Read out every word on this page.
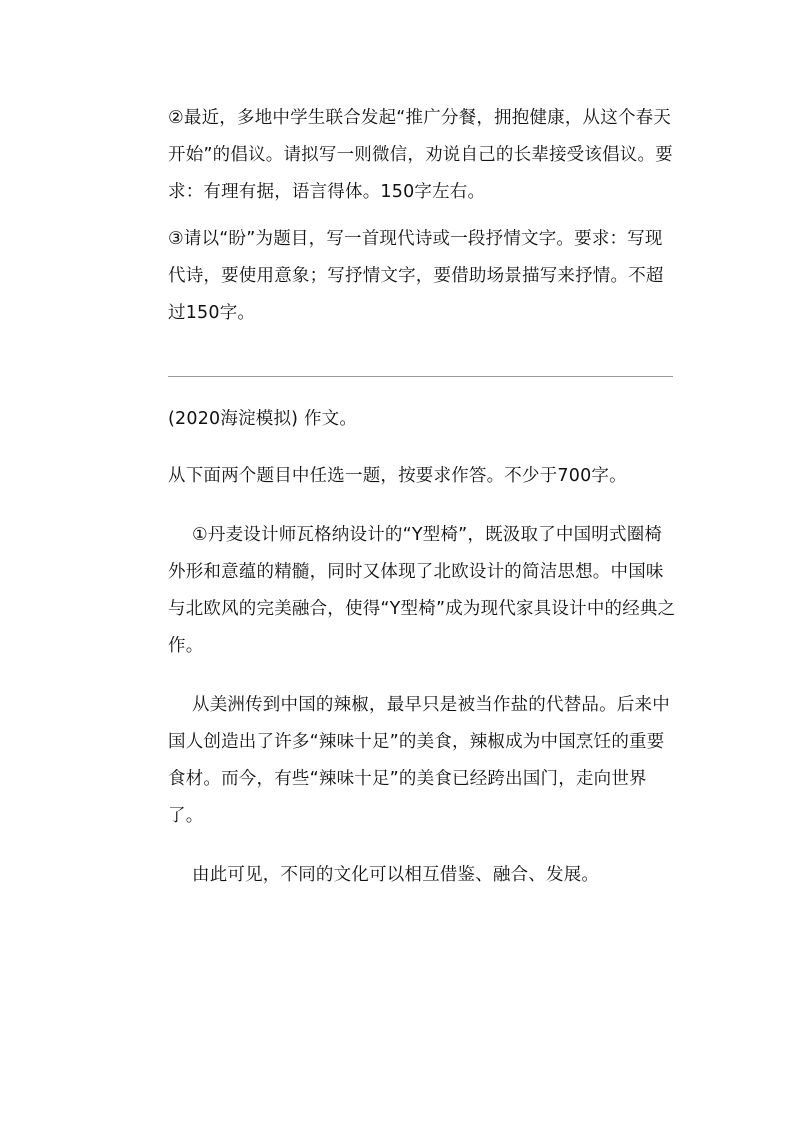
②最近，多地中学生联合发起“推广分餐，拥抱健康，从这个春天开始”的倡议。请拟写一则微信，劝说自己的长辈接受该倡议。要求：有理有据，语言得体。150字左右。

③请以“盼”为题目，写一首现代诗或一段抒情文字。要求：写现代诗，要使用意象；写抒情文字，要借助场景描写来抒情。不超过150字。

(2020海淀模拟) 作文。

从下面两个题目中任选一题，按要求作答。不少于700字。

①丹麦设计师瓦格纳设计的“Y型椅”，既汲取了中国明式圈椅外形和意蕴的精髓，同时又体现了北欧设计的简洁思想。中国味与北欧风的完美融合，使得“Y型椅”成为现代家具设计中的经典之作。

从美洲传到中国的辣椒，最早只是被当作盐的代替品。后来中国人创造出了许多“辣味十足”的美食，辣椒成为中国烹饪的重要食材。而今，有些“辣味十足”的美食已经跨出国门，走向世界了。

由此可见，不同的文化可以相互借鉴、融合、发展。
